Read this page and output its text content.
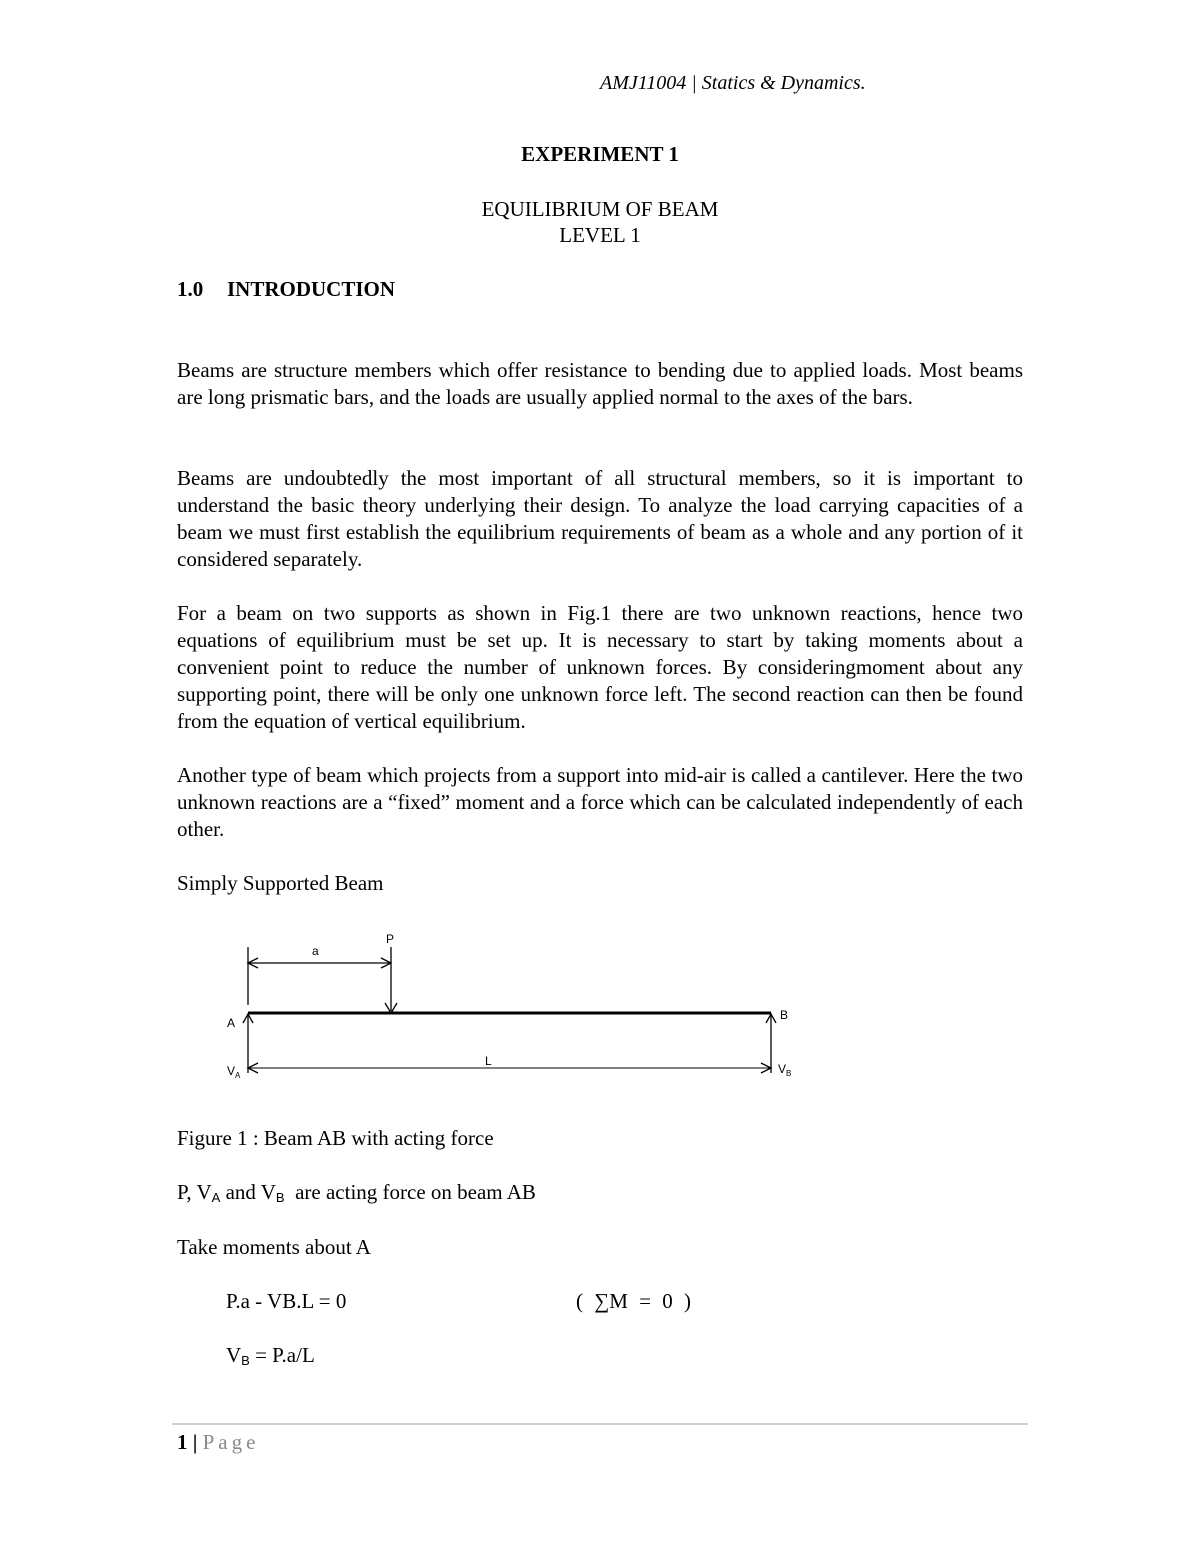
AMJ11004 | Statics & Dynamics.
EXPERIMENT 1
EQUILIBRIUM OF BEAM
LEVEL 1
1.0 INTRODUCTION
Beams are structure members which offer resistance to bending due to applied loads. Most beams are long prismatic bars, and the loads are usually applied normal to the axes of the bars.
Beams are undoubtedly the most important of all structural members, so it is important to understand the basic theory underlying their design. To analyze the load carrying capacities of a beam we must first establish the equilibrium requirements of beam as a whole and any portion of it considered separately.
For a beam on two supports as shown in Fig.1 there are two unknown reactions, hence two equations of equilibrium must be set up. It is necessary to start by taking moments about a convenient point to reduce the number of unknown forces. By consideringmoment about any supporting point, there will be only one unknown force left. The second reaction can then be found from the equation of vertical equilibrium.
Another type of beam which projects from a support into mid-air is called a cantilever. Here the two unknown reactions are a “fixed” moment and a force which can be calculated independently of each other.
Simply Supported Beam
a
P
A
B
L
$V_A$	$V_B$
Figure 1 : Beam AB with acting force
P, VA and VB  are acting force on beam AB
Take moments about A
P.a - VB.L = 0	( ∑M = 0 )
VB = P.a/L
1 | Page
